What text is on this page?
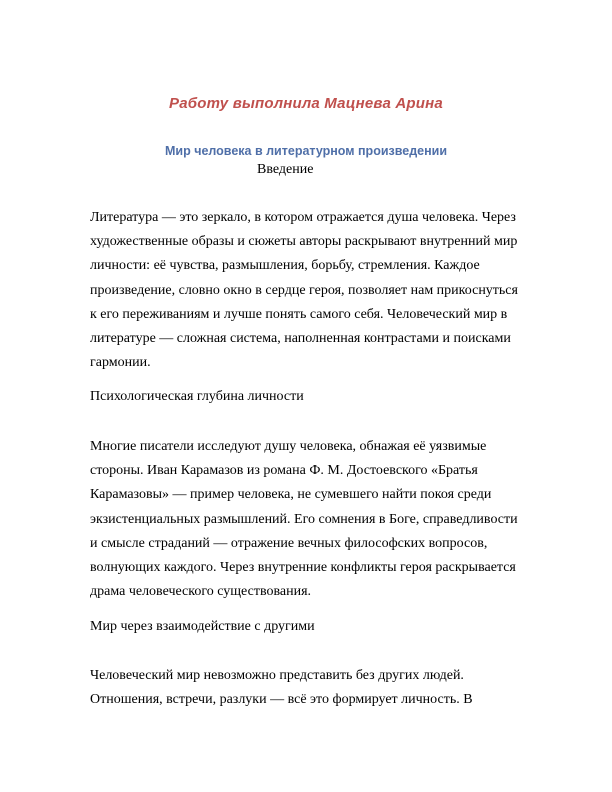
Работу выполнила Мацнева Арина
Мир человека в литературном произведении
Введение
Литература — это зеркало, в котором отражается душа человека. Через
художественные образы и сюжеты авторы раскрывают внутренний мир
личности: её чувства, размышления, борьбу, стремления. Каждое
произведение, словно окно в сердце героя, позволяет нам прикоснуться
к его переживаниям и лучше понять самого себя. Человеческий мир в
литературе — сложная система, наполненная контрастами и поисками
гармонии.
Психологическая глубина личности
Многие писатели исследуют душу человека, обнажая её уязвимые
стороны. Иван Карамазов из романа Ф. М. Достоевского «Братья
Карамазовы» — пример человека, не сумевшего найти покоя среди
экзистенциальных размышлений. Его сомнения в Боге, справедливости
и смысле страданий — отражение вечных философских вопросов,
волнующих каждого. Через внутренние конфликты героя раскрывается
драма человеческого существования.
Мир через взаимодействие с другими
Человеческий мир невозможно представить без других людей.
Отношения, встречи, разлуки — всё это формирует личность. В
